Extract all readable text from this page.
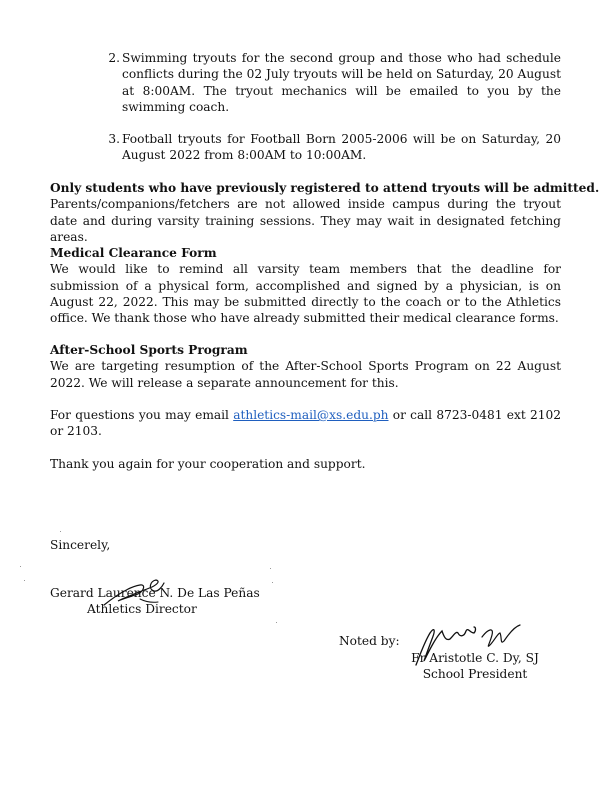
2. Swimming tryouts for the second group and those who had schedule conflicts during the 02 July tryouts will be held on Saturday, 20 August at 8:00AM. The tryout mechanics will be emailed to you by the swimming coach.
3. Football tryouts for Football Born 2005-2006 will be on Saturday, 20 August 2022 from 8:00AM to 10:00AM.
Only students who have previously registered to attend tryouts will be admitted.
Parents/companions/fetchers are not allowed inside campus during the tryout date and during varsity training sessions. They may wait in designated fetching areas.
Medical Clearance Form
We would like to remind all varsity team members that the deadline for submission of a physical form, accomplished and signed by a physician, is on August 22, 2022. This may be submitted directly to the coach or to the Athletics office. We thank those who have already submitted their medical clearance forms.
After-School Sports Program
We are targeting resumption of the After-School Sports Program on 22 August 2022. We will release a separate announcement for this.
For questions you may email athletics-mail@xs.edu.ph or call 8723-0481 ext 2102 or 2103.
Thank you again for your cooperation and support.
Sincerely,
Gerard Laurence N. De Las Peñas
Athletics Director
Noted by:
Fr Aristotle C. Dy, SJ
School President
